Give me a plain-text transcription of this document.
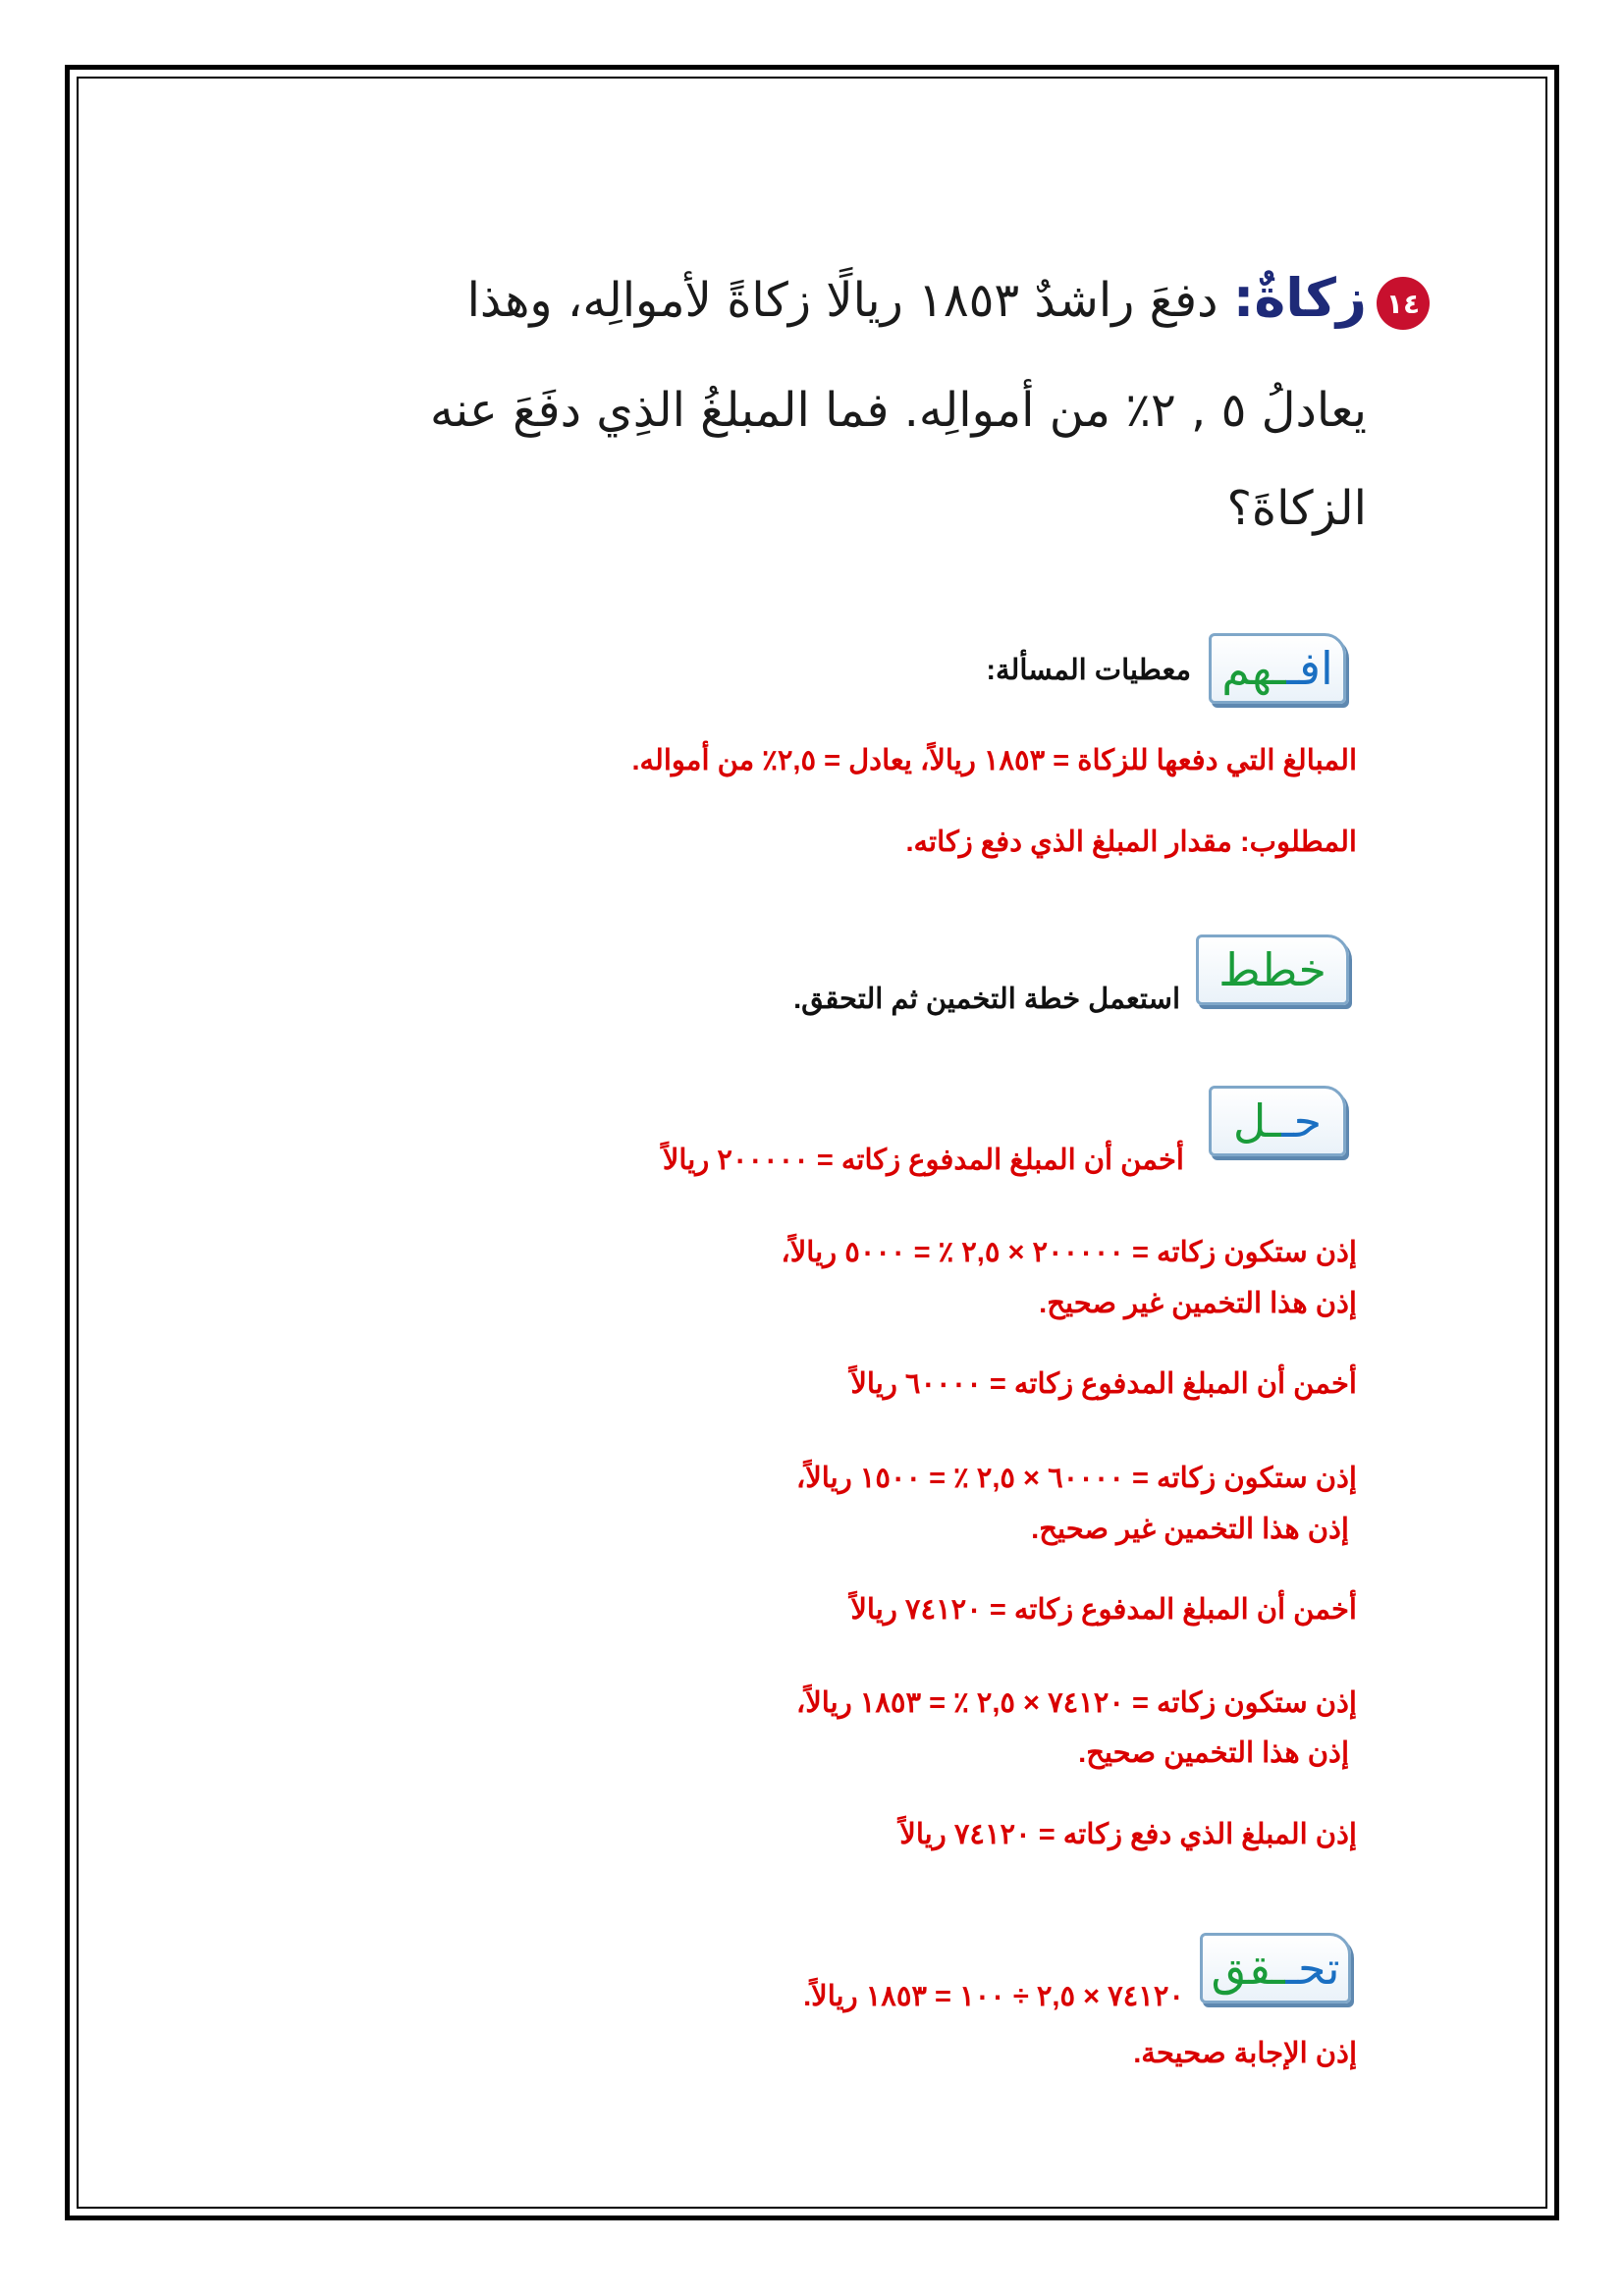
١٤
زكاةٌ: دفعَ راشدٌ ١٨٥٣ ريالًا زكاةً لأموالِه، وهذا
يعادلُ ٥ , ٢٪ من أموالِه. فما المبلغُ الذِي دفَعَ عنه
الزكاةَ؟
افـ
ـهم
معطيات المسألة:
المبالغ التي دفعها للزكاة = ١٨٥٣ ريالاً، يعادل = ٢,٥٪ من أمواله.
المطلوب: مقدار المبلغ الذي دفع زكاته.
خطط
استعمل خطة التخمين ثم التحقق.
حـ
ـل
أخمن أن المبلغ المدفوع زكاته = ٢٠٠٠٠٠ ريالاً
إذن ستكون زكاته = ٢٠٠٠٠٠ × ٢,٥ ٪ = ٥٠٠٠ ريالاً،
إذن هذا التخمين غير صحيح.
أخمن أن المبلغ المدفوع زكاته = ٦٠٠٠٠ ريالاً
إذن ستكون زكاته = ٦٠٠٠٠ × ٢,٥ ٪ = ١٥٠٠ ريالاً،
إذن هذا التخمين غير صحيح.
أخمن أن المبلغ المدفوع زكاته = ٧٤١٢٠ ريالاً
إذن ستكون زكاته = ٧٤١٢٠ × ٢,٥ ٪ = ١٨٥٣ ريالاً،
إذن هذا التخمين صحيح.
إذن المبلغ الذي دفع زكاته = ٧٤١٢٠ ريالاً
تحـ
ـقق
٧٤١٢٠ × ٢,٥ ÷ ١٠٠ = ١٨٥٣ ريالاً.
إذن الإجابة صحيحة.
